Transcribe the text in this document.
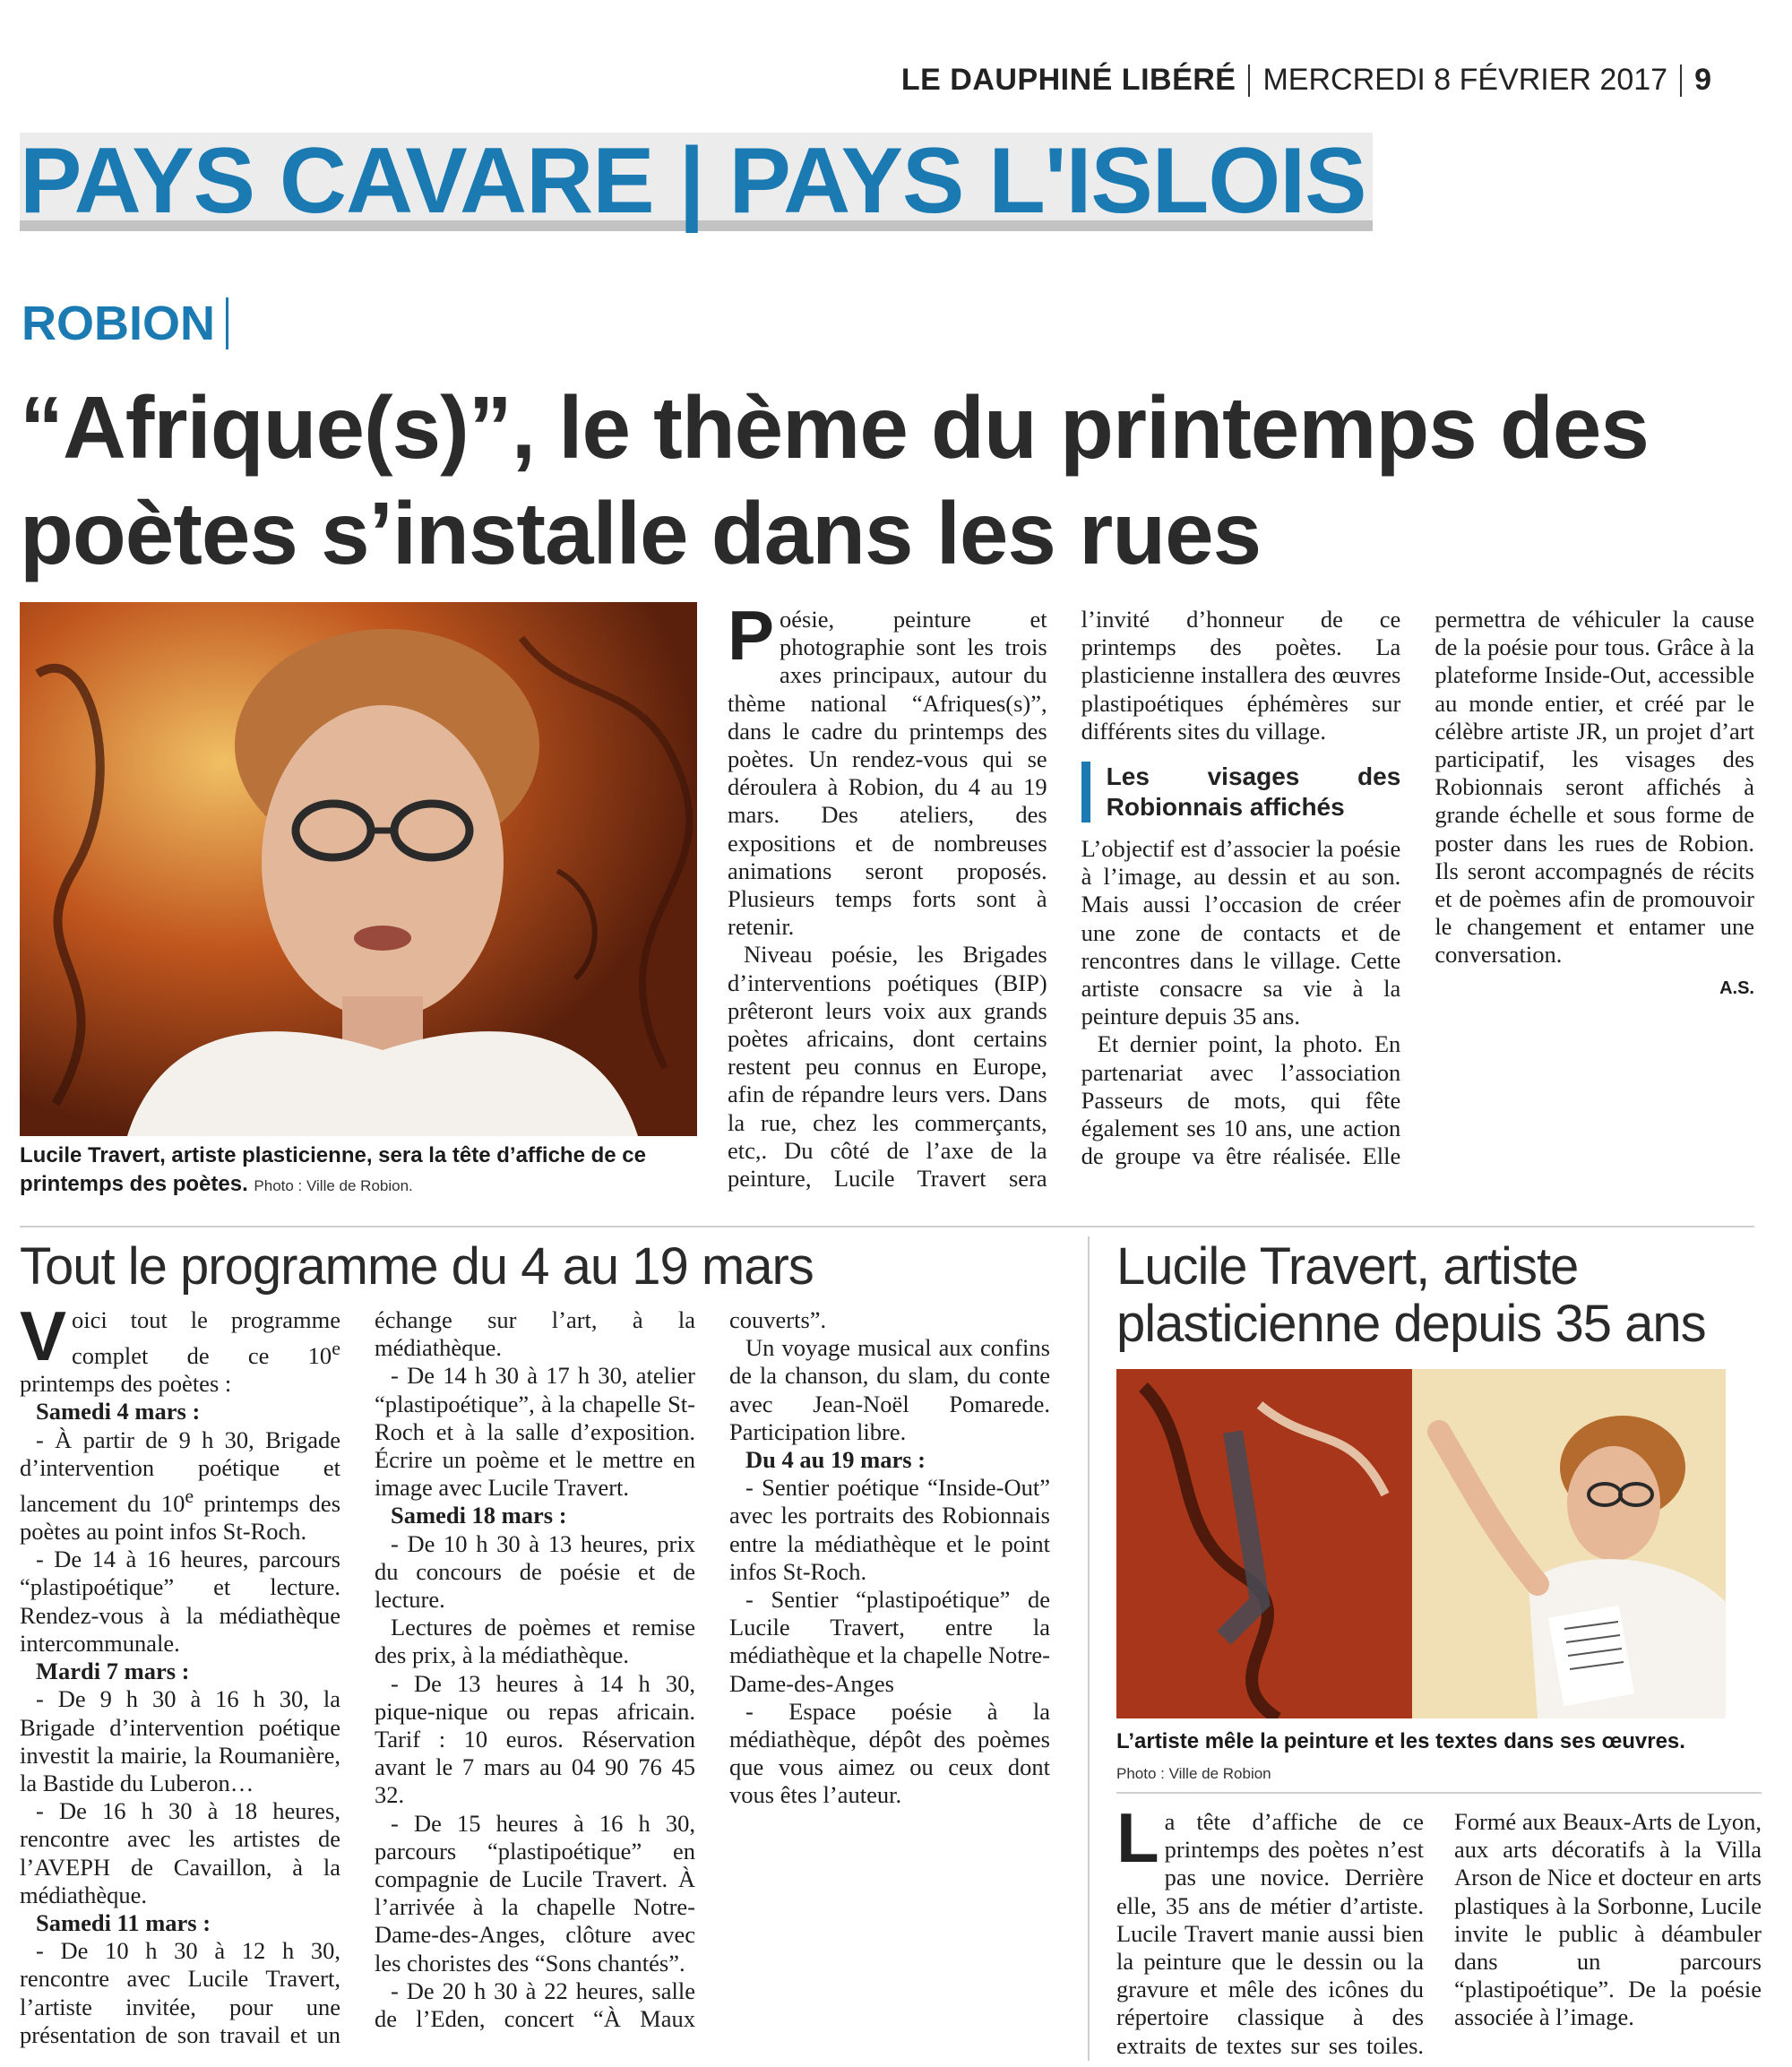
LE DAUPHINÉ LIBÉRÉ MERCREDI 8 FÉVRIER 2017 9
PAYS CAVARE | PAYS L'ISLOIS
ROBION
“Afrique(s)”, le thème du printemps des poètes s’installe dans les rues
Lucile Travert, artiste plasticienne, sera la tête d’affiche de ce printemps des poètes. Photo : Ville de Robion.

Poésie, peinture et photographie sont les trois axes principaux, autour du thème national “Afriques(s)”, dans le cadre du printemps des poètes. Un rendez-vous qui se déroulera à Robion, du 4 au 19 mars. Des ateliers, des expositions et de nombreuses animations seront proposés. Plusieurs temps forts sont à retenir.

Niveau poésie, les Brigades d’interventions poétiques (BIP) prêteront leurs voix aux grands poètes africains, dont certains restent peu connus en Europe, afin de répandre leurs vers. Dans la rue, chez les commerçants, etc,. Du côté de l’axe de la peinture, Lucile Travert sera l’invité d’honneur de ce printemps des poètes. La plasticienne installera des œuvres plastipoétiques éphémères sur différents sites du village.

Les visages des Robionnais affichés

L’objectif est d’associer la poésie à l’image, au dessin et au son. Mais aussi l’occasion de créer une zone de contacts et de rencontres dans le village. Cette artiste consacre sa vie à la peinture depuis 35 ans.

Et dernier point, la photo. En partenariat avec l’association Passeurs de mots, qui fête également ses 10 ans, une action de groupe va être réalisée. Elle permettra de véhiculer la cause de la poésie pour tous. Grâce à la plateforme Inside-Out, accessible au monde entier, et créé par le célèbre artiste JR, un projet d’art participatif, les visages des Robionnais seront affichés à grande échelle et sous forme de poster dans les rues de Robion. Ils seront accompagnés de récits et de poèmes afin de promouvoir le changement et entamer une conversation.

A.S.
Tout le programme du 4 au 19 mars
Voici tout le programme complet de ce 10e printemps des poètes :
Samedi 4 mars :
- À partir de 9 h 30, Brigade d’intervention poétique et lancement du 10e printemps des poètes au point infos St-Roch.
- De 14 à 16 heures, parcours “plastipoétique” et lecture. Rendez-vous à la médiathèque intercommunale.
Mardi 7 mars :
- De 9 h 30 à 16 h 30, la Brigade d’intervention poétique investit la mairie, la Roumanière, la Bastide du Luberon…
- De 16 h 30 à 18 heures, rencontre avec les artistes de l’AVEPH de Cavaillon, à la médiathèque.
Samedi 11 mars :
- De 10 h 30 à 12 h 30, rencontre avec Lucile Travert, l’artiste invitée, pour une présentation de son travail et un échange sur l’art, à la médiathèque.
- De 14 h 30 à 17 h 30, atelier “plastipoétique”, à la chapelle St-Roch et à la salle d’exposition. Écrire un poème et le mettre en image avec Lucile Travert.
Samedi 18 mars :
- De 10 h 30 à 13 heures, prix du concours de poésie et de lecture.
Lectures de poèmes et remise des prix, à la médiathèque.
- De 13 heures à 14 h 30, pique-nique ou repas africain. Tarif : 10 euros. Réservation avant le 7 mars au 04 90 76 45 32.
- De 15 heures à 16 h 30, parcours “plastipoétique” en compagnie de Lucile Travert. À l’arrivée à la chapelle Notre-Dame-des-Anges, clôture avec les choristes des “Sons chantés”.
- De 20 h 30 à 22 heures, salle de l’Eden, concert “À Maux couverts”.
Un voyage musical aux confins de la chanson, du slam, du conte avec Jean-Noël Pomarede. Participation libre.
Du 4 au 19 mars :
- Sentier poétique “Inside-Out” avec les portraits des Robionnais entre la médiathèque et le point infos St-Roch.
- Sentier “plastipoétique” de Lucile Travert, entre la médiathèque et la chapelle Notre-Dame-des-Anges
- Espace poésie à la médiathèque, dépôt des poèmes que vous aimez ou ceux dont vous êtes l’auteur.
Lucile Travert, artiste plasticienne depuis 35 ans
L’artiste mêle la peinture et les textes dans ses œuvres.
Photo : Ville de Robion
La tête d’affiche de ce printemps des poètes n’est pas une novice. Derrière elle, 35 ans de métier d’artiste. Lucile Travert manie aussi bien la peinture que le dessin ou la gravure et mêle des icônes du répertoire classique à des extraits de textes sur ses toiles. Formé aux Beaux-Arts de Lyon, aux arts décoratifs à la Villa Arson de Nice et docteur en arts plastiques à la Sorbonne, Lucile invite le public à déambuler dans un parcours “plastipoétique”. De la poésie associée à l’image.
